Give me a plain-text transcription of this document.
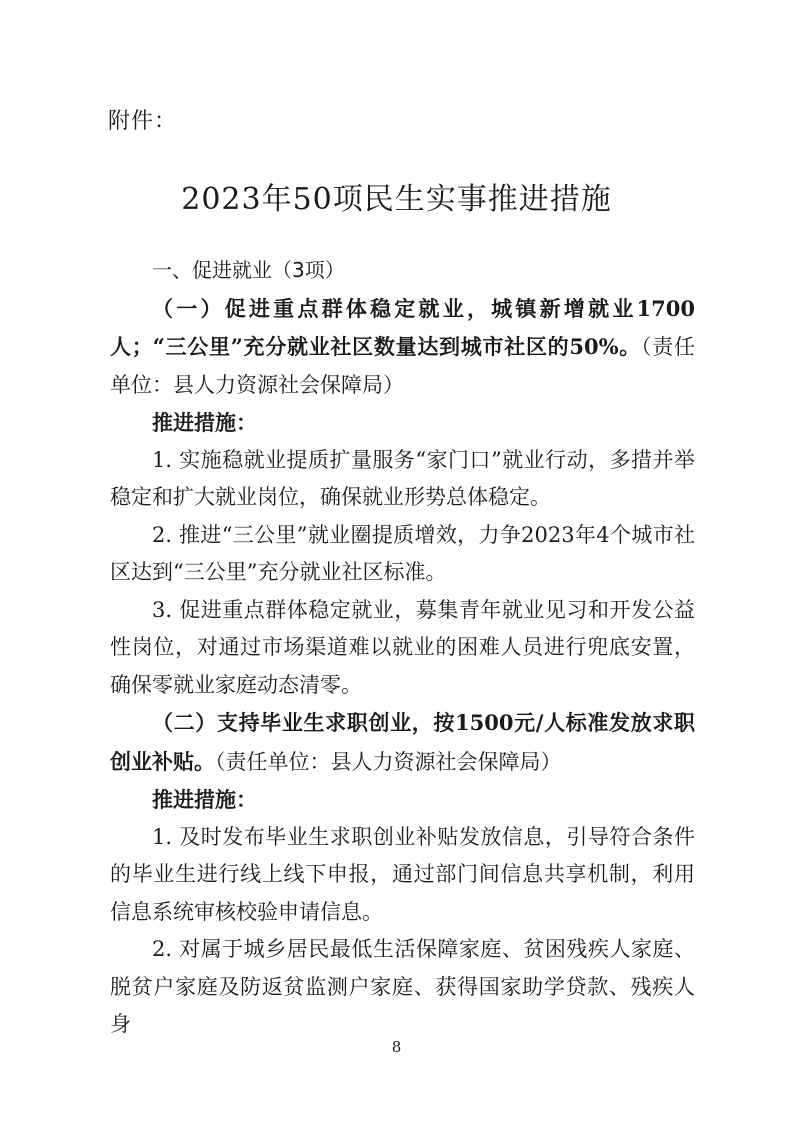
附件：
2023年50项民生实事推进措施

一、促进就业（3项）

（一）促进重点群体稳定就业，城镇新增就业1700人；“三公里”充分就业社区数量达到城市社区的50%。（责任单位：县人力资源社会保障局）

推进措施：

1. 实施稳就业提质扩量服务“家门口”就业行动，多措并举稳定和扩大就业岗位，确保就业形势总体稳定。

2. 推进“三公里”就业圈提质增效，力争2023年4个城市社区达到“三公里”充分就业社区标准。

3. 促进重点群体稳定就业，募集青年就业见习和开发公益性岗位，对通过市场渠道难以就业的困难人员进行兜底安置，确保零就业家庭动态清零。

（二）支持毕业生求职创业，按1500元/人标准发放求职创业补贴。（责任单位：县人力资源社会保障局）

推进措施：

1. 及时发布毕业生求职创业补贴发放信息，引导符合条件的毕业生进行线上线下申报，通过部门间信息共享机制，利用信息系统审核校验申请信息。

2. 对属于城乡居民最低生活保障家庭、贫困残疾人家庭、脱贫户家庭及防返贫监测户家庭、获得国家助学贷款、残疾人身

8
